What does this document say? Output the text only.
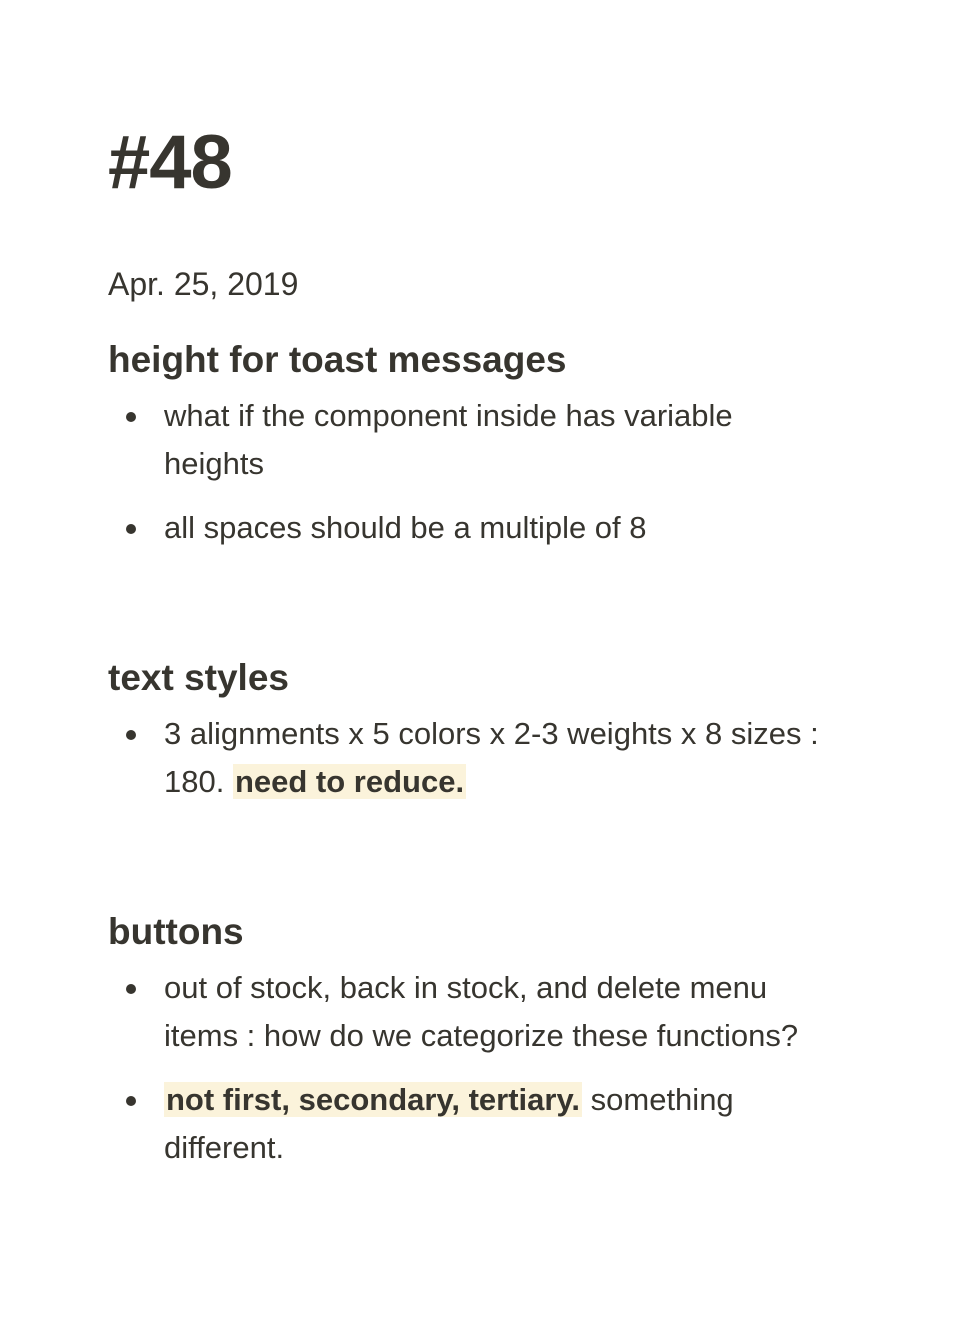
#48

Apr. 25, 2019

height for toast messages
what if the component inside has variable heights
all spaces should be a multiple of 8
text styles
3 alignments x 5 colors x 2-3 weights x 8 sizes : 180. need to reduce.
buttons
out of stock, back in stock, and delete menu items : how do we categorize these functions?
not first, secondary, tertiary. something different.
